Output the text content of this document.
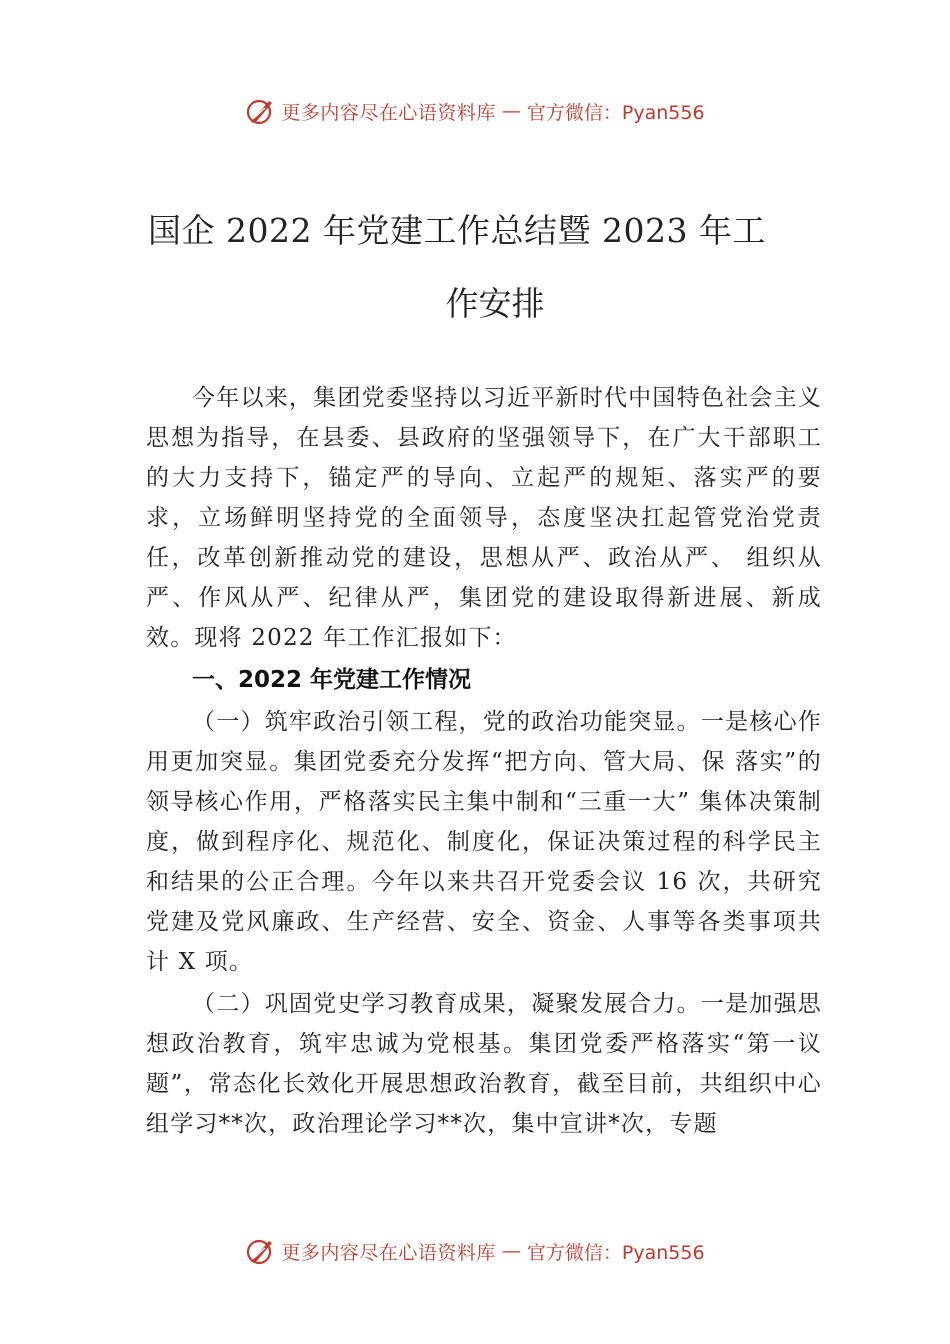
更多内容尽在心语资料库 — 官方微信：Pyan556
国企 2022 年党建工作总结暨 2023 年工
作安排

今年以来，集团党委坚持以习近平新时代中国特色社会主义思想为指导，在县委、县政府的坚强领导下，在广大干部职工的大力支持下，锚定严的导向、立起严的规矩、落实严的要求，立场鲜明坚持党的全面领导，态度坚决扛起管党治党责任，改革创新推动党的建设，思想从严、政治从严、 组织从严、作风从严、纪律从严，集团党的建设取得新进展、新成效。现将 2022 年工作汇报如下：

一、2022 年党建工作情况

（一）筑牢政治引领工程，党的政治功能突显。一是核心作用更加突显。集团党委充分发挥“把方向、管大局、保 落实”的领导核心作用，严格落实民主集中制和“三重一大” 集体决策制度，做到程序化、规范化、制度化，保证决策过程的科学民主和结果的公正合理。今年以来共召开党委会议 16 次，共研究党建及党风廉政、生产经营、安全、资金、人事等各类事项共计 X 项。

（二）巩固党史学习教育成果，凝聚发展合力。一是加强思想政治教育，筑牢忠诚为党根基。集团党委严格落实“第一议题”，常态化长效化开展思想政治教育，截至目前，共组织中心组学习**次，政治理论学习**次，集中宣讲*次，专题

更多内容尽在心语资料库 — 官方微信：Pyan556
